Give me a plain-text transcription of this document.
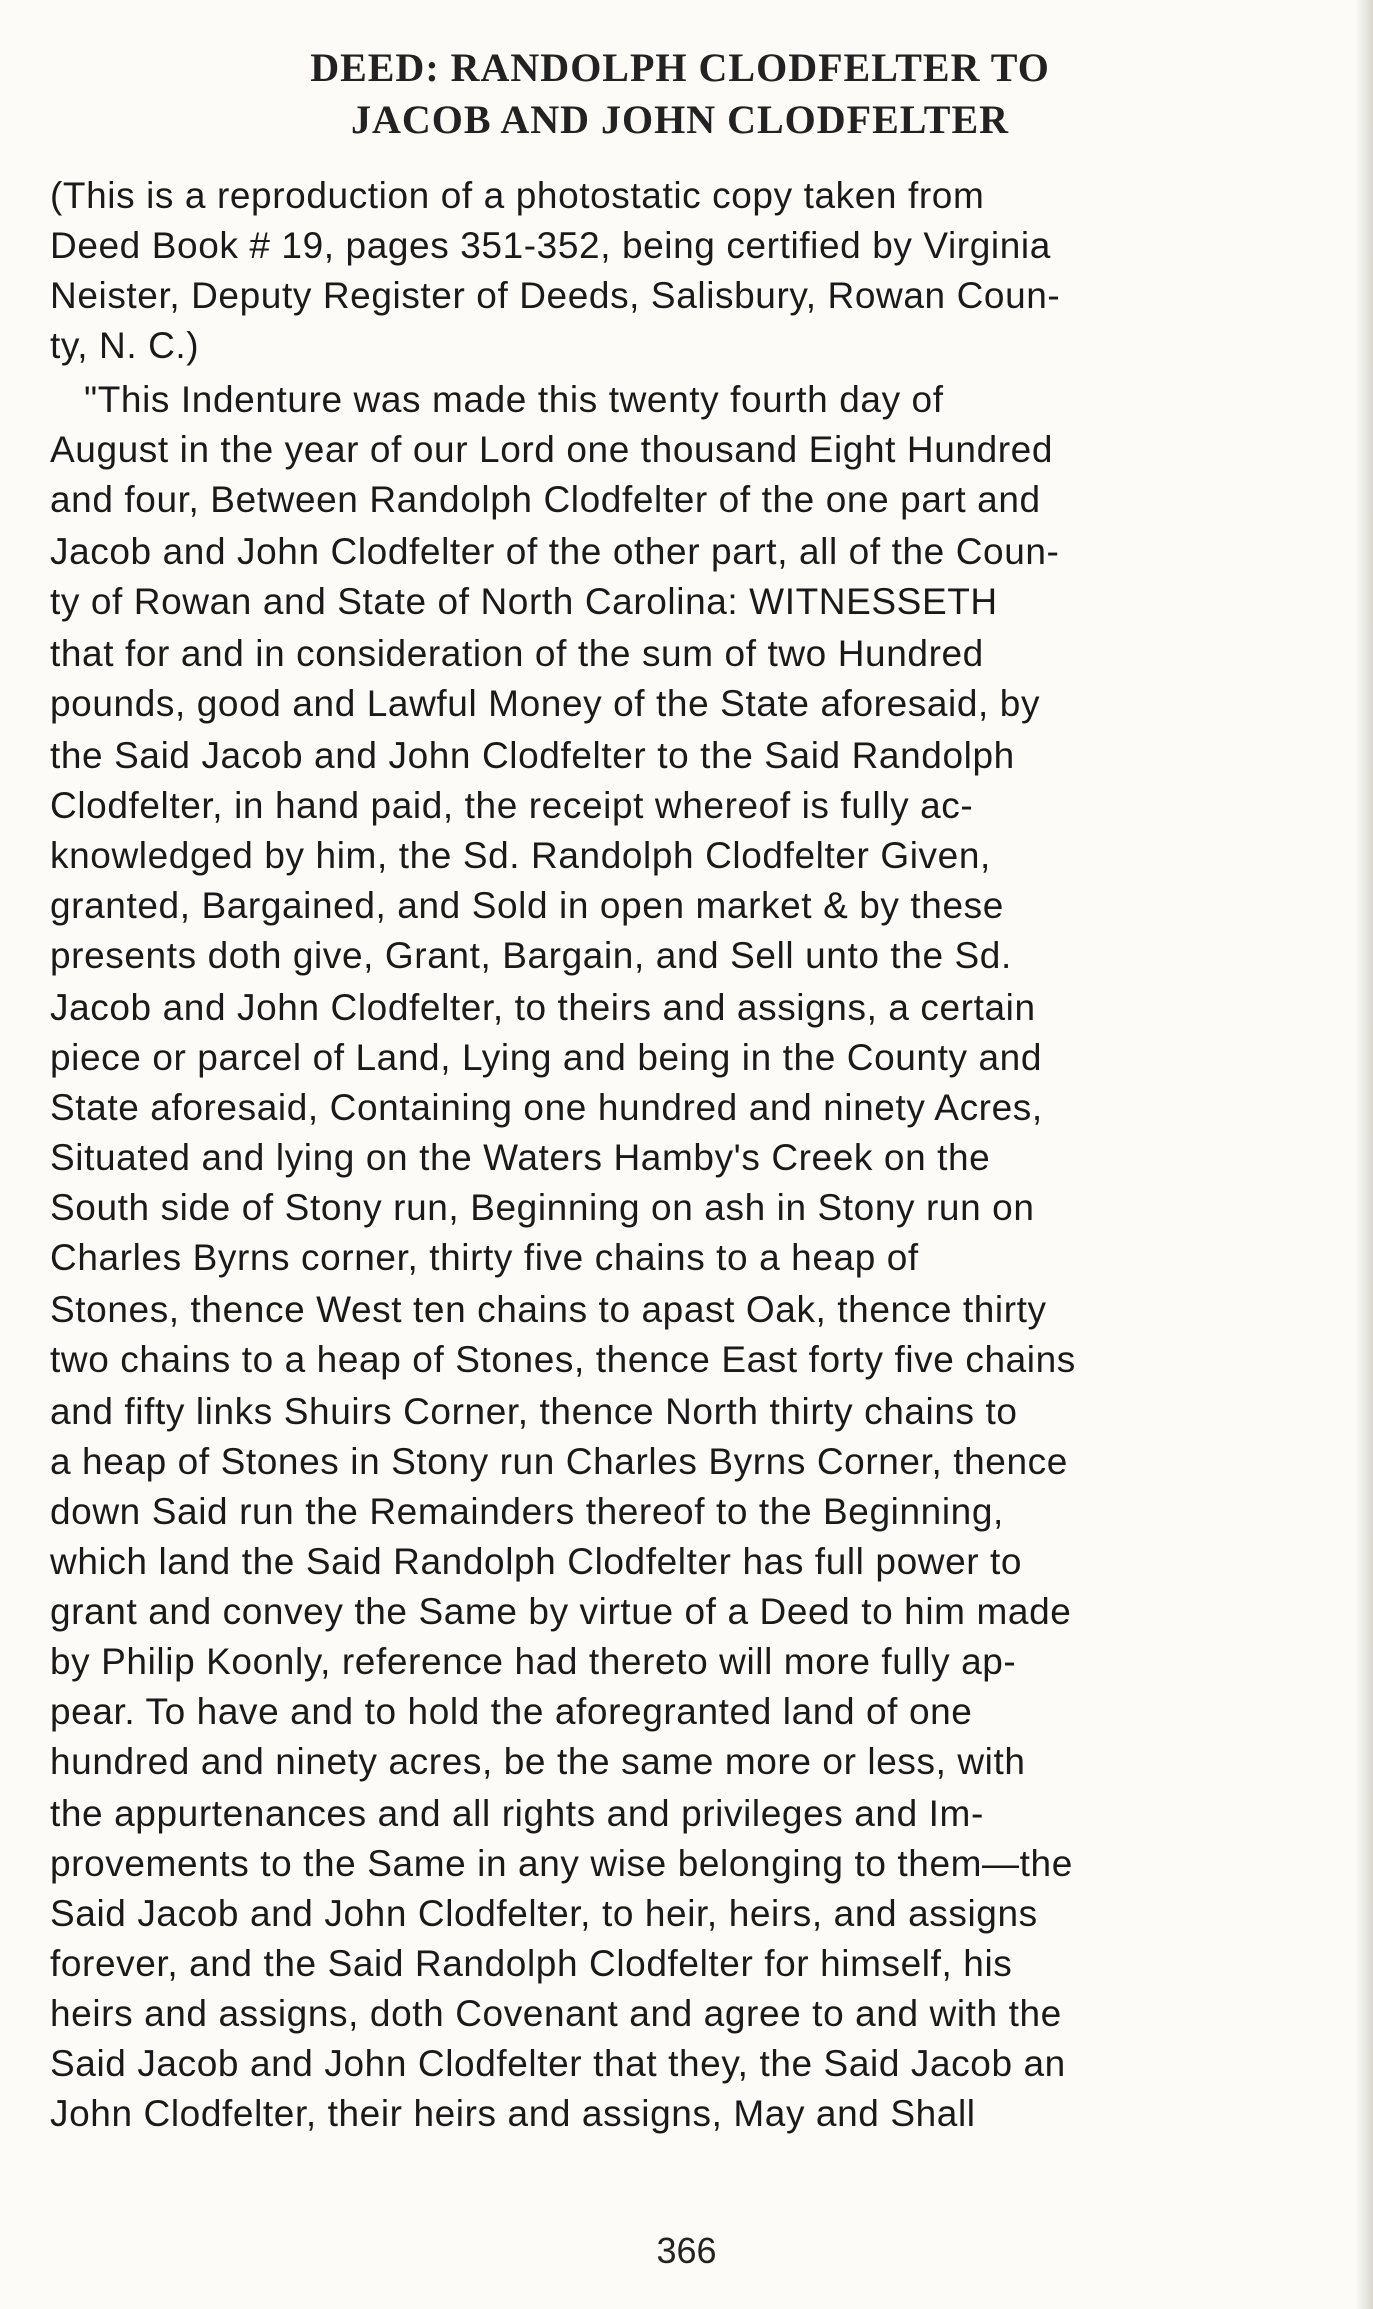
DEED: RANDOLPH CLODFELTER TO
JACOB AND JOHN CLODFELTER

(This is a reproduction of a photostatic copy taken from

Deed Book # 19, pages 351-352, being certified by Virginia

Neister, Deputy Register of Deeds, Salisbury, Rowan Coun-

ty, N. C.)

"This Indenture was made this twenty fourth day of

August in the year of our Lord one thousand Eight Hundred

and four, Between Randolph Clodfelter of the one part and

Jacob and John Clodfelter of the other part, all of the Coun-

ty of Rowan and State of North Carolina: WITNESSETH

that for and in consideration of the sum of two Hundred

pounds, good and Lawful Money of the State aforesaid, by

the Said Jacob and John Clodfelter to the Said Randolph

Clodfelter, in hand paid, the receipt whereof is fully ac-

knowledged by him, the Sd. Randolph Clodfelter Given,

granted, Bargained, and Sold in open market & by these

presents doth give, Grant, Bargain, and Sell unto the Sd.

Jacob and John Clodfelter, to theirs and assigns, a certain

piece or parcel of Land, Lying and being in the County and

State aforesaid, Containing one hundred and ninety Acres,

Situated and lying on the Waters Hamby's Creek on the

South side of Stony run, Beginning on ash in Stony run on

Charles Byrns corner, thirty five chains to a heap of

Stones, thence West ten chains to apast Oak, thence thirty

two chains to a heap of Stones, thence East forty five chains

and fifty links Shuirs Corner, thence North thirty chains to

a heap of Stones in Stony run Charles Byrns Corner, thence

down Said run the Remainders thereof to the Beginning,

which land the Said Randolph Clodfelter has full power to

grant and convey the Same by virtue of a Deed to him made

by Philip Koonly, reference had thereto will more fully ap-

pear. To have and to hold the aforegranted land of one

hundred and ninety acres, be the same more or less, with

the appurtenances and all rights and privileges and Im-

provements to the Same in any wise belonging to them—the

Said Jacob and John Clodfelter, to heir, heirs, and assigns

forever, and the Said Randolph Clodfelter for himself, his

heirs and assigns, doth Covenant and agree to and with the

Said Jacob and John Clodfelter that they, the Said Jacob an

John Clodfelter, their heirs and assigns, May and Shall

366
